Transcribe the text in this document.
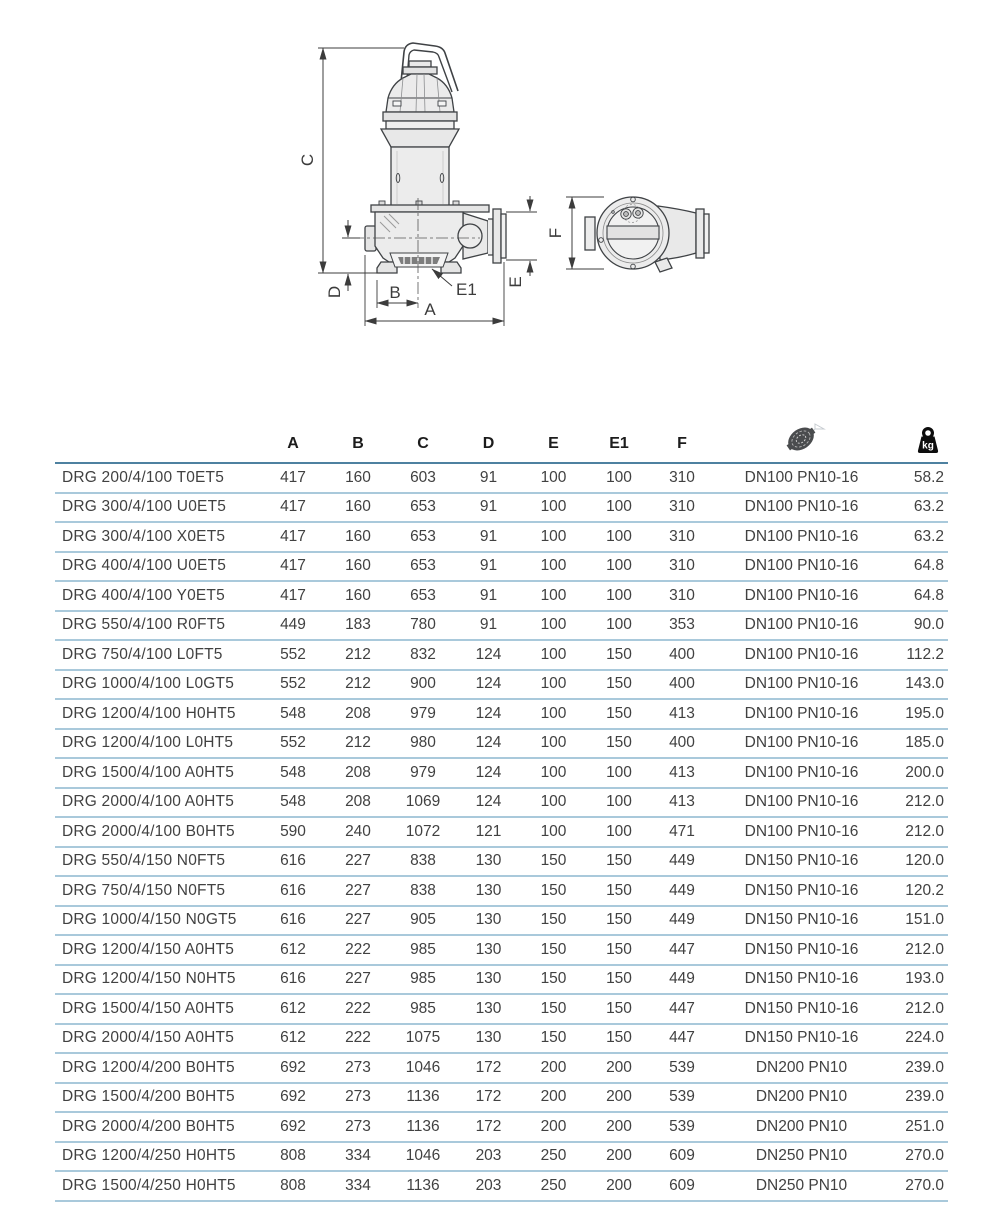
C
D	B
A
E
E1
F
	A	B	C	D	E	E1	F		kg

DRG 200/4/100 T0ET5	417	160	603	91	100	100	310	DN100 PN10-16	58.2
DRG 300/4/100 U0ET5	417	160	653	91	100	100	310	DN100 PN10-16	63.2
DRG 300/4/100 X0ET5	417	160	653	91	100	100	310	DN100 PN10-16	63.2
DRG 400/4/100 U0ET5	417	160	653	91	100	100	310	DN100 PN10-16	64.8
DRG 400/4/100 Y0ET5	417	160	653	91	100	100	310	DN100 PN10-16	64.8
DRG 550/4/100 R0FT5	449	183	780	91	100	100	353	DN100 PN10-16	90.0
DRG 750/4/100 L0FT5	552	212	832	124	100	150	400	DN100 PN10-16	112.2
DRG 1000/4/100 L0GT5	552	212	900	124	100	150	400	DN100 PN10-16	143.0
DRG 1200/4/100 H0HT5	548	208	979	124	100	150	413	DN100 PN10-16	195.0
DRG 1200/4/100 L0HT5	552	212	980	124	100	150	400	DN100 PN10-16	185.0
DRG 1500/4/100 A0HT5	548	208	979	124	100	100	413	DN100 PN10-16	200.0
DRG 2000/4/100 A0HT5	548	208	1069	124	100	100	413	DN100 PN10-16	212.0
DRG 2000/4/100 B0HT5	590	240	1072	121	100	100	471	DN100 PN10-16	212.0
DRG 550/4/150 N0FT5	616	227	838	130	150	150	449	DN150 PN10-16	120.0
DRG 750/4/150 N0FT5	616	227	838	130	150	150	449	DN150 PN10-16	120.2
DRG 1000/4/150 N0GT5	616	227	905	130	150	150	449	DN150 PN10-16	151.0
DRG 1200/4/150 A0HT5	612	222	985	130	150	150	447	DN150 PN10-16	212.0
DRG 1200/4/150 N0HT5	616	227	985	130	150	150	449	DN150 PN10-16	193.0
DRG 1500/4/150 A0HT5	612	222	985	130	150	150	447	DN150 PN10-16	212.0
DRG 2000/4/150 A0HT5	612	222	1075	130	150	150	447	DN150 PN10-16	224.0
DRG 1200/4/200 B0HT5	692	273	1046	172	200	200	539	DN200 PN10	239.0
DRG 1500/4/200 B0HT5	692	273	1136	172	200	200	539	DN200 PN10	239.0
DRG 2000/4/200 B0HT5	692	273	1136	172	200	200	539	DN200 PN10	251.0
DRG 1200/4/250 H0HT5	808	334	1046	203	250	200	609	DN250 PN10	270.0
DRG 1500/4/250 H0HT5	808	334	1136	203	250	200	609	DN250 PN10	270.0
